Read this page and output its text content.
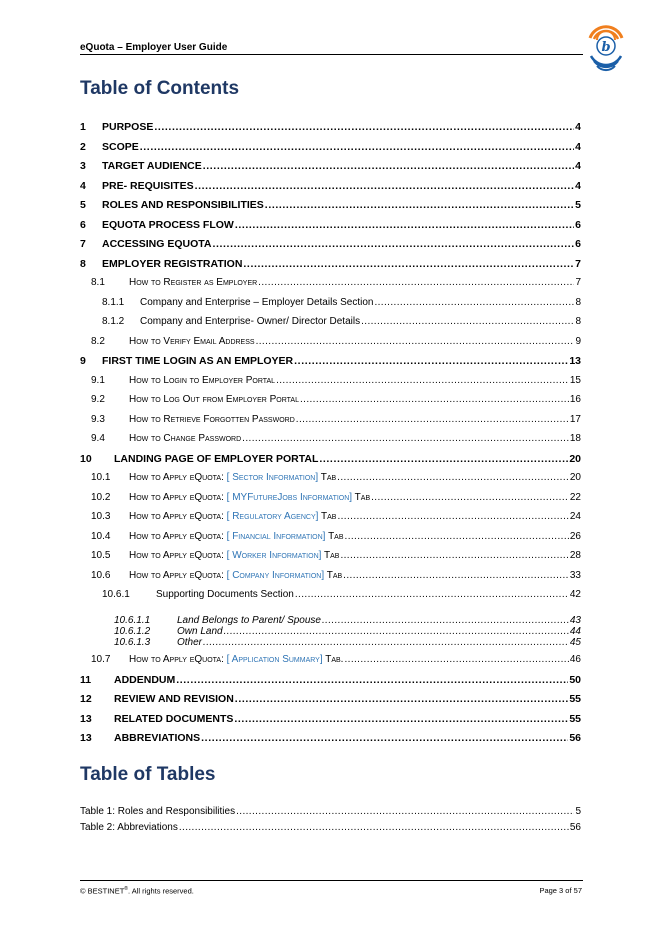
eQuota – Employer User Guide	b
Table of Contents
1	PURPOSE .....	4
2	SCOPE .....	4
3	TARGET AUDIENCE .....	4
4	PRE- REQUISITES .....	4
5	ROLES AND RESPONSIBILITIES .....	5
6	EQUOTA PROCESS FLOW .....	6
7	ACCESSING EQUOTA .....	6
8	EMPLOYER REGISTRATION .....	7
8.1	How to Register as Employer .....	7
8.1.1	Company and Enterprise – Employer Details Section .....	8
8.1.2	Company and Enterprise- Owner/ Director Details .....	8
8.2	How to Verify Email Address .....	9
9	FIRST TIME LOGIN AS AN EMPLOYER .....	13
9.1	How to Login to Employer Portal .....	15
9.2	How to Log Out from Employer Portal .....	16
9.3	How to Retrieve Forgotten Password .....	17
9.4	How to Change Password .....	18
10	LANDING PAGE OF EMPLOYER PORTAL .....	20
10.1	How to Apply eQuota: [ Sector Information] Tab .....	20
10.2	How to Apply eQuota: [ MYFutureJobs Information] Tab .....	22
10.3	How to Apply eQuota: [ Regulatory Agency] Tab .....	24
10.4	How to Apply eQuota: [ Financial Information] Tab .....	26
10.5	How to Apply eQuota: [ Worker Information] Tab .....	28
10.6	How to Apply eQuota: [ Company Information] Tab .....	33
10.6.1	Supporting Documents Section .....	42
10.6.1.1	Land Belongs to Parent/ Spouse .....	43
10.6.1.2	Own Land .....	44
10.6.1.3	Other .....	45
10.7	How to Apply eQuota: [ Application Summary] Tab. .....	46
11	ADDENDUM .....	50
12	REVIEW AND REVISION .....	55
13	RELATED DOCUMENTS .....	55
13	ABBREVIATIONS .....	56
Table of Tables
Table 1: Roles and Responsibilities .....	5
Table 2: Abbreviations .....	56
© BESTINET®. All rights reserved.	Page 3 of 57
